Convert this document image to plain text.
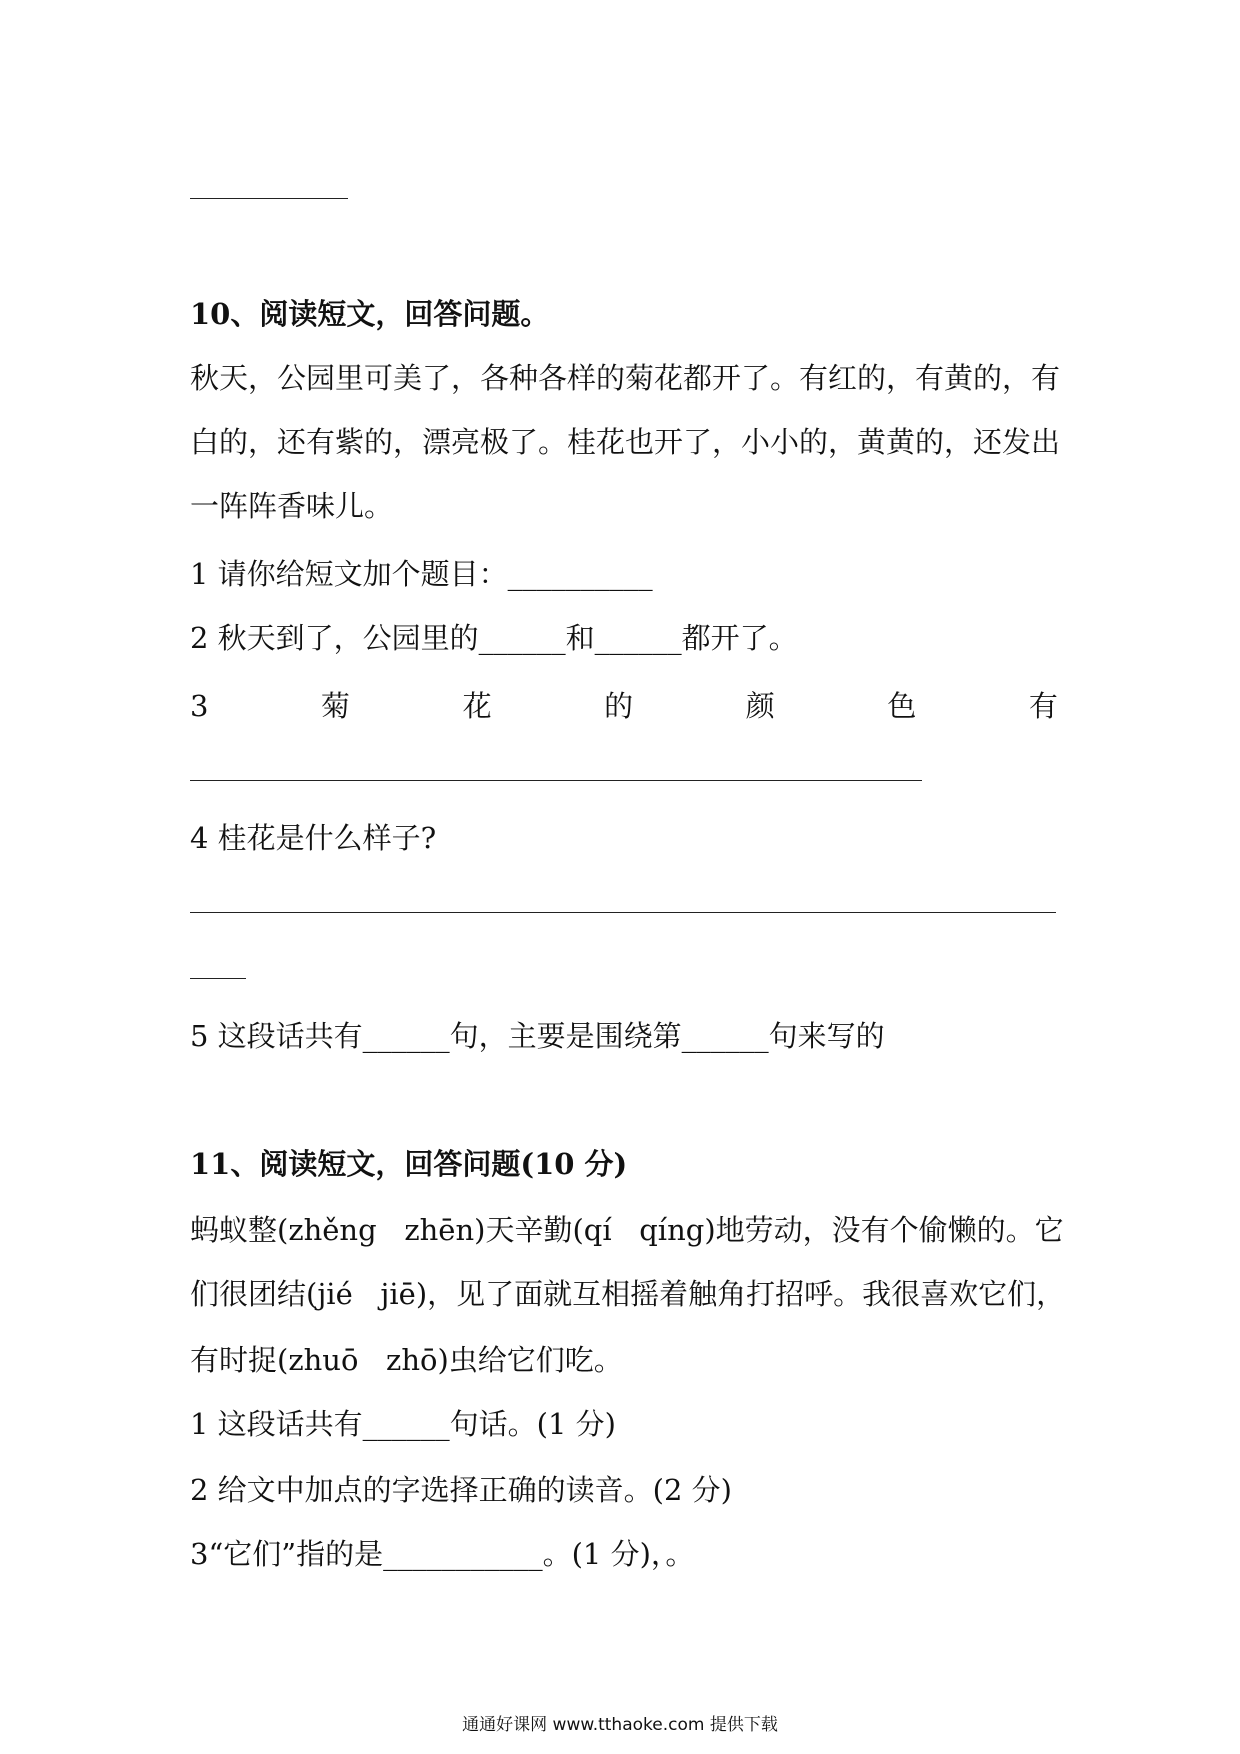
10、阅读短文，回答问题。
秋天，公园里可美了，各种各样的菊花都开了。有红的，有黄的，有
白的，还有紫的，漂亮极了。桂花也开了，小小的，黄黄的，还发出
一阵阵香味儿。
1 请你给短文加个题目：__________
2 秋天到了，公园里的______和______都开了。
3	菊	花	的	颜	色	有
4 桂花是什么样子?
5 这段话共有______句，主要是围绕第______句来写的
11、阅读短文，回答问题(10 分)
蚂蚁整(zhěng   zhēn)天辛勤(qí   qíng)地劳动，没有个偷懒的。它
们很团结(jié   jiē)，见了面就互相摇着触角打招呼。我很喜欢它们，
有时捉(zhuō   zhō)虫给它们吃。
1 这段话共有______句话。(1 分)
2 给文中加点的字选择正确的读音。(2 分)
3“它们”指的是___________。(1 分)，。
通通好课网 www.tthaoke.com 提供下载
